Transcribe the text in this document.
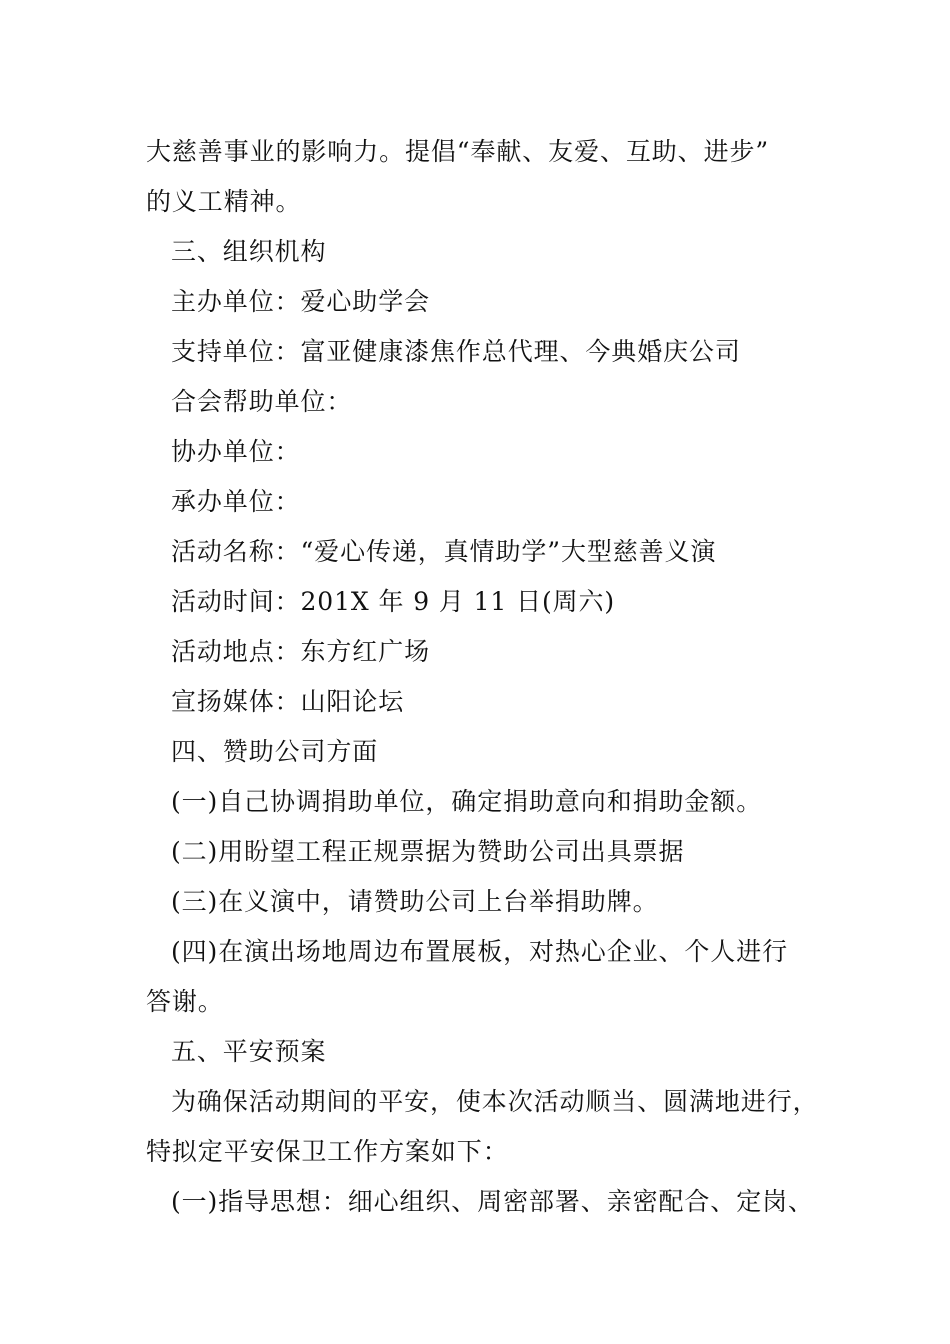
大慈善事业的影响力。提倡“奉献、友爱、互助、进步”
的义工精神。
三、组织机构
主办单位：爱心助学会
支持单位：富亚健康漆焦作总代理、今典婚庆公司
合会帮助单位：
协办单位：
承办单位：
活动名称：“爱心传递，真情助学”大型慈善义演
活动时间：201X 年 9 月 11 日(周六)
活动地点：东方红广场
宣扬媒体：山阳论坛
四、赞助公司方面
(一)自己协调捐助单位，确定捐助意向和捐助金额。
(二)用盼望工程正规票据为赞助公司出具票据
(三)在义演中，请赞助公司上台举捐助牌。
(四)在演出场地周边布置展板，对热心企业、个人进行
答谢。
五、平安预案
为确保活动期间的平安，使本次活动顺当、圆满地进行，
特拟定平安保卫工作方案如下：
(一)指导思想：细心组织、周密部署、亲密配合、定岗、
